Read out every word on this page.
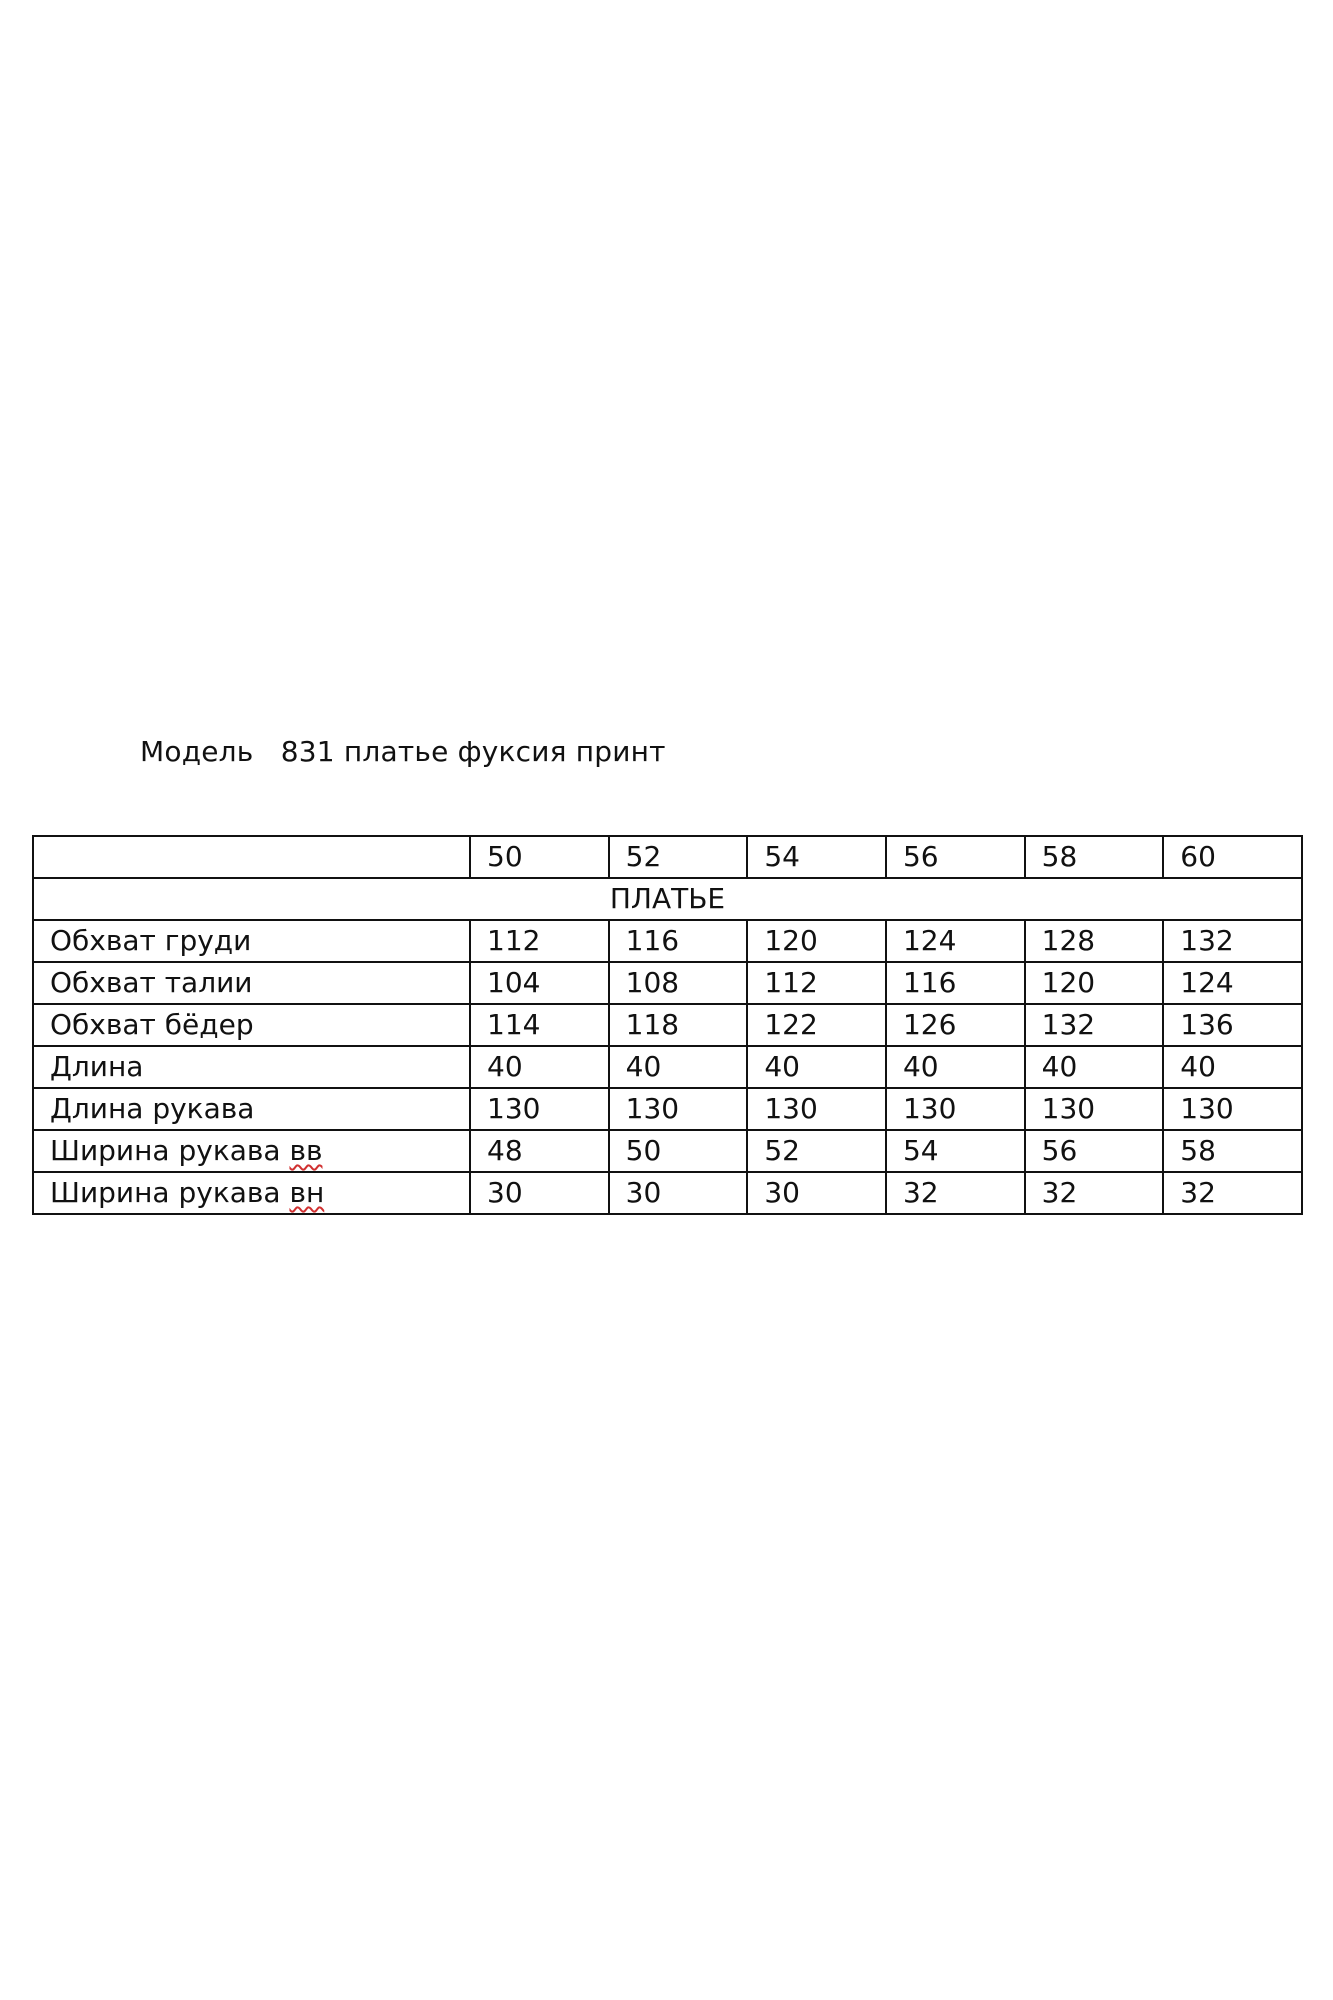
Модель   831 платье фуксия принт
	50	52	54	56	58	60
ПЛАТЬЕ						
Обхват груди	112	116	120	124	128	132
Обхват талии	104	108	112	116	120	124
Обхват бёдер	114	118	122	126	132	136
Длина	40	40	40	40	40	40
Длина рукава	130	130	130	130	130	130
Ширина рукава вв	48	50	52	54	56	58
Ширина рукава вн	30	30	30	32	32	32
